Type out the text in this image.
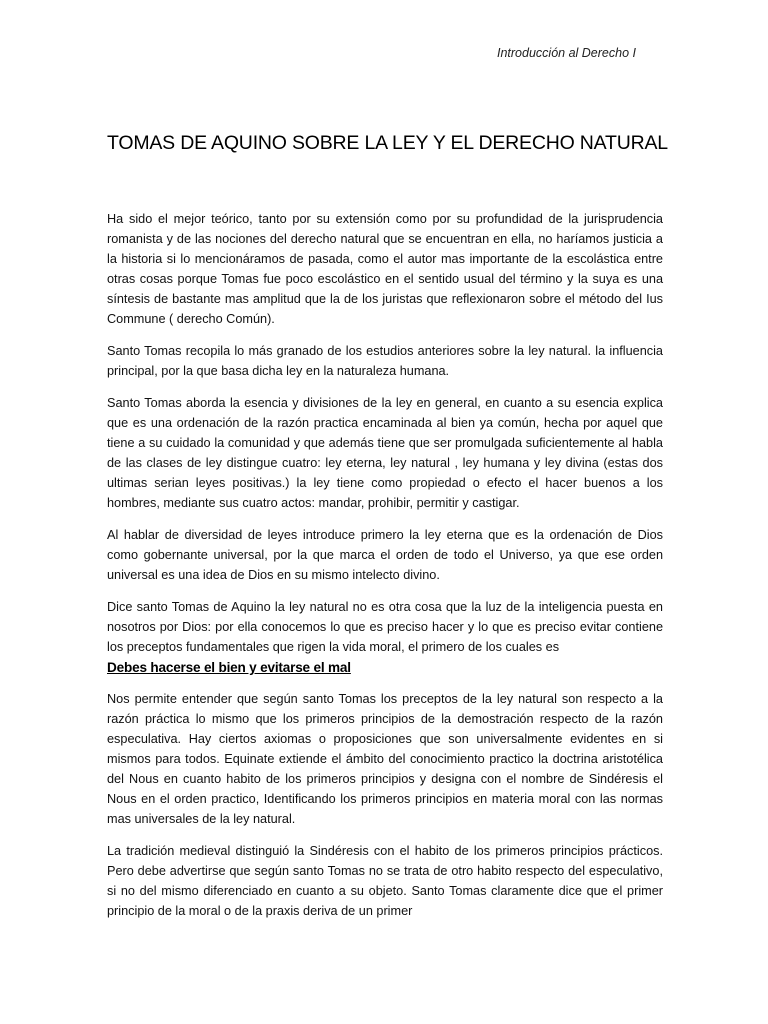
Introducción al Derecho I
TOMAS DE AQUINO SOBRE LA LEY Y EL DERECHO NATURAL

Ha sido el mejor teórico, tanto por su extensión como por su profundidad de la jurisprudencia romanista y de las nociones del derecho natural que se encuentran en ella, no haríamos justicia a la historia si lo mencionáramos de pasada, como el autor mas importante de la escolástica entre otras cosas porque Tomas fue poco escolástico en el sentido usual del término y la suya es una síntesis de bastante mas amplitud que la de los juristas que reflexionaron sobre el método del Ius Commune ( derecho Común).

Santo Tomas recopila lo más granado de los estudios anteriores sobre la ley natural. la influencia principal, por la que basa dicha ley en la naturaleza humana.

Santo Tomas aborda la esencia y divisiones de la ley en general, en cuanto a su esencia explica que es una ordenación de la razón practica encaminada al bien ya común, hecha por aquel que tiene a su cuidado la comunidad y que además tiene que ser promulgada suficientemente al habla de las clases de ley distingue cuatro: ley eterna, ley natural , ley humana y ley divina (estas dos ultimas serian leyes positivas.) la ley tiene como propiedad o efecto el hacer buenos a los hombres, mediante sus cuatro actos: mandar, prohibir, permitir y castigar.

Al hablar de diversidad de leyes introduce primero la ley eterna que es la ordenación de Dios como gobernante universal, por la que marca el orden de todo el Universo, ya que ese orden universal es una idea de Dios en su mismo intelecto divino.

Dice santo Tomas de Aquino la ley natural no es otra cosa que la luz de la inteligencia puesta en nosotros por Dios: por ella conocemos lo que es preciso hacer y lo que es preciso evitar contiene los preceptos fundamentales que rigen la vida moral, el primero de los cuales es

Debes hacerse el bien y evitarse el mal

Nos permite entender que según santo Tomas los preceptos de la ley natural son respecto a la razón práctica lo mismo que los primeros principios de la demostración respecto de la razón especulativa. Hay ciertos axiomas o proposiciones que son universalmente evidentes en si mismos para todos. Equinate extiende el ámbito del conocimiento practico la doctrina aristotélica del Nous en cuanto habito de los primeros principios y designa con el nombre de Sindéresis el Nous en el orden practico, Identificando los primeros principios en materia moral con las normas mas universales de la ley natural.

La tradición medieval distinguió la Sindéresis con el habito de los primeros principios prácticos. Pero debe advertirse que según santo Tomas no se trata de otro habito respecto del especulativo, si no del mismo diferenciado en cuanto a su objeto. Santo Tomas claramente dice que el primer principio de la moral o de la praxis deriva de un primer
